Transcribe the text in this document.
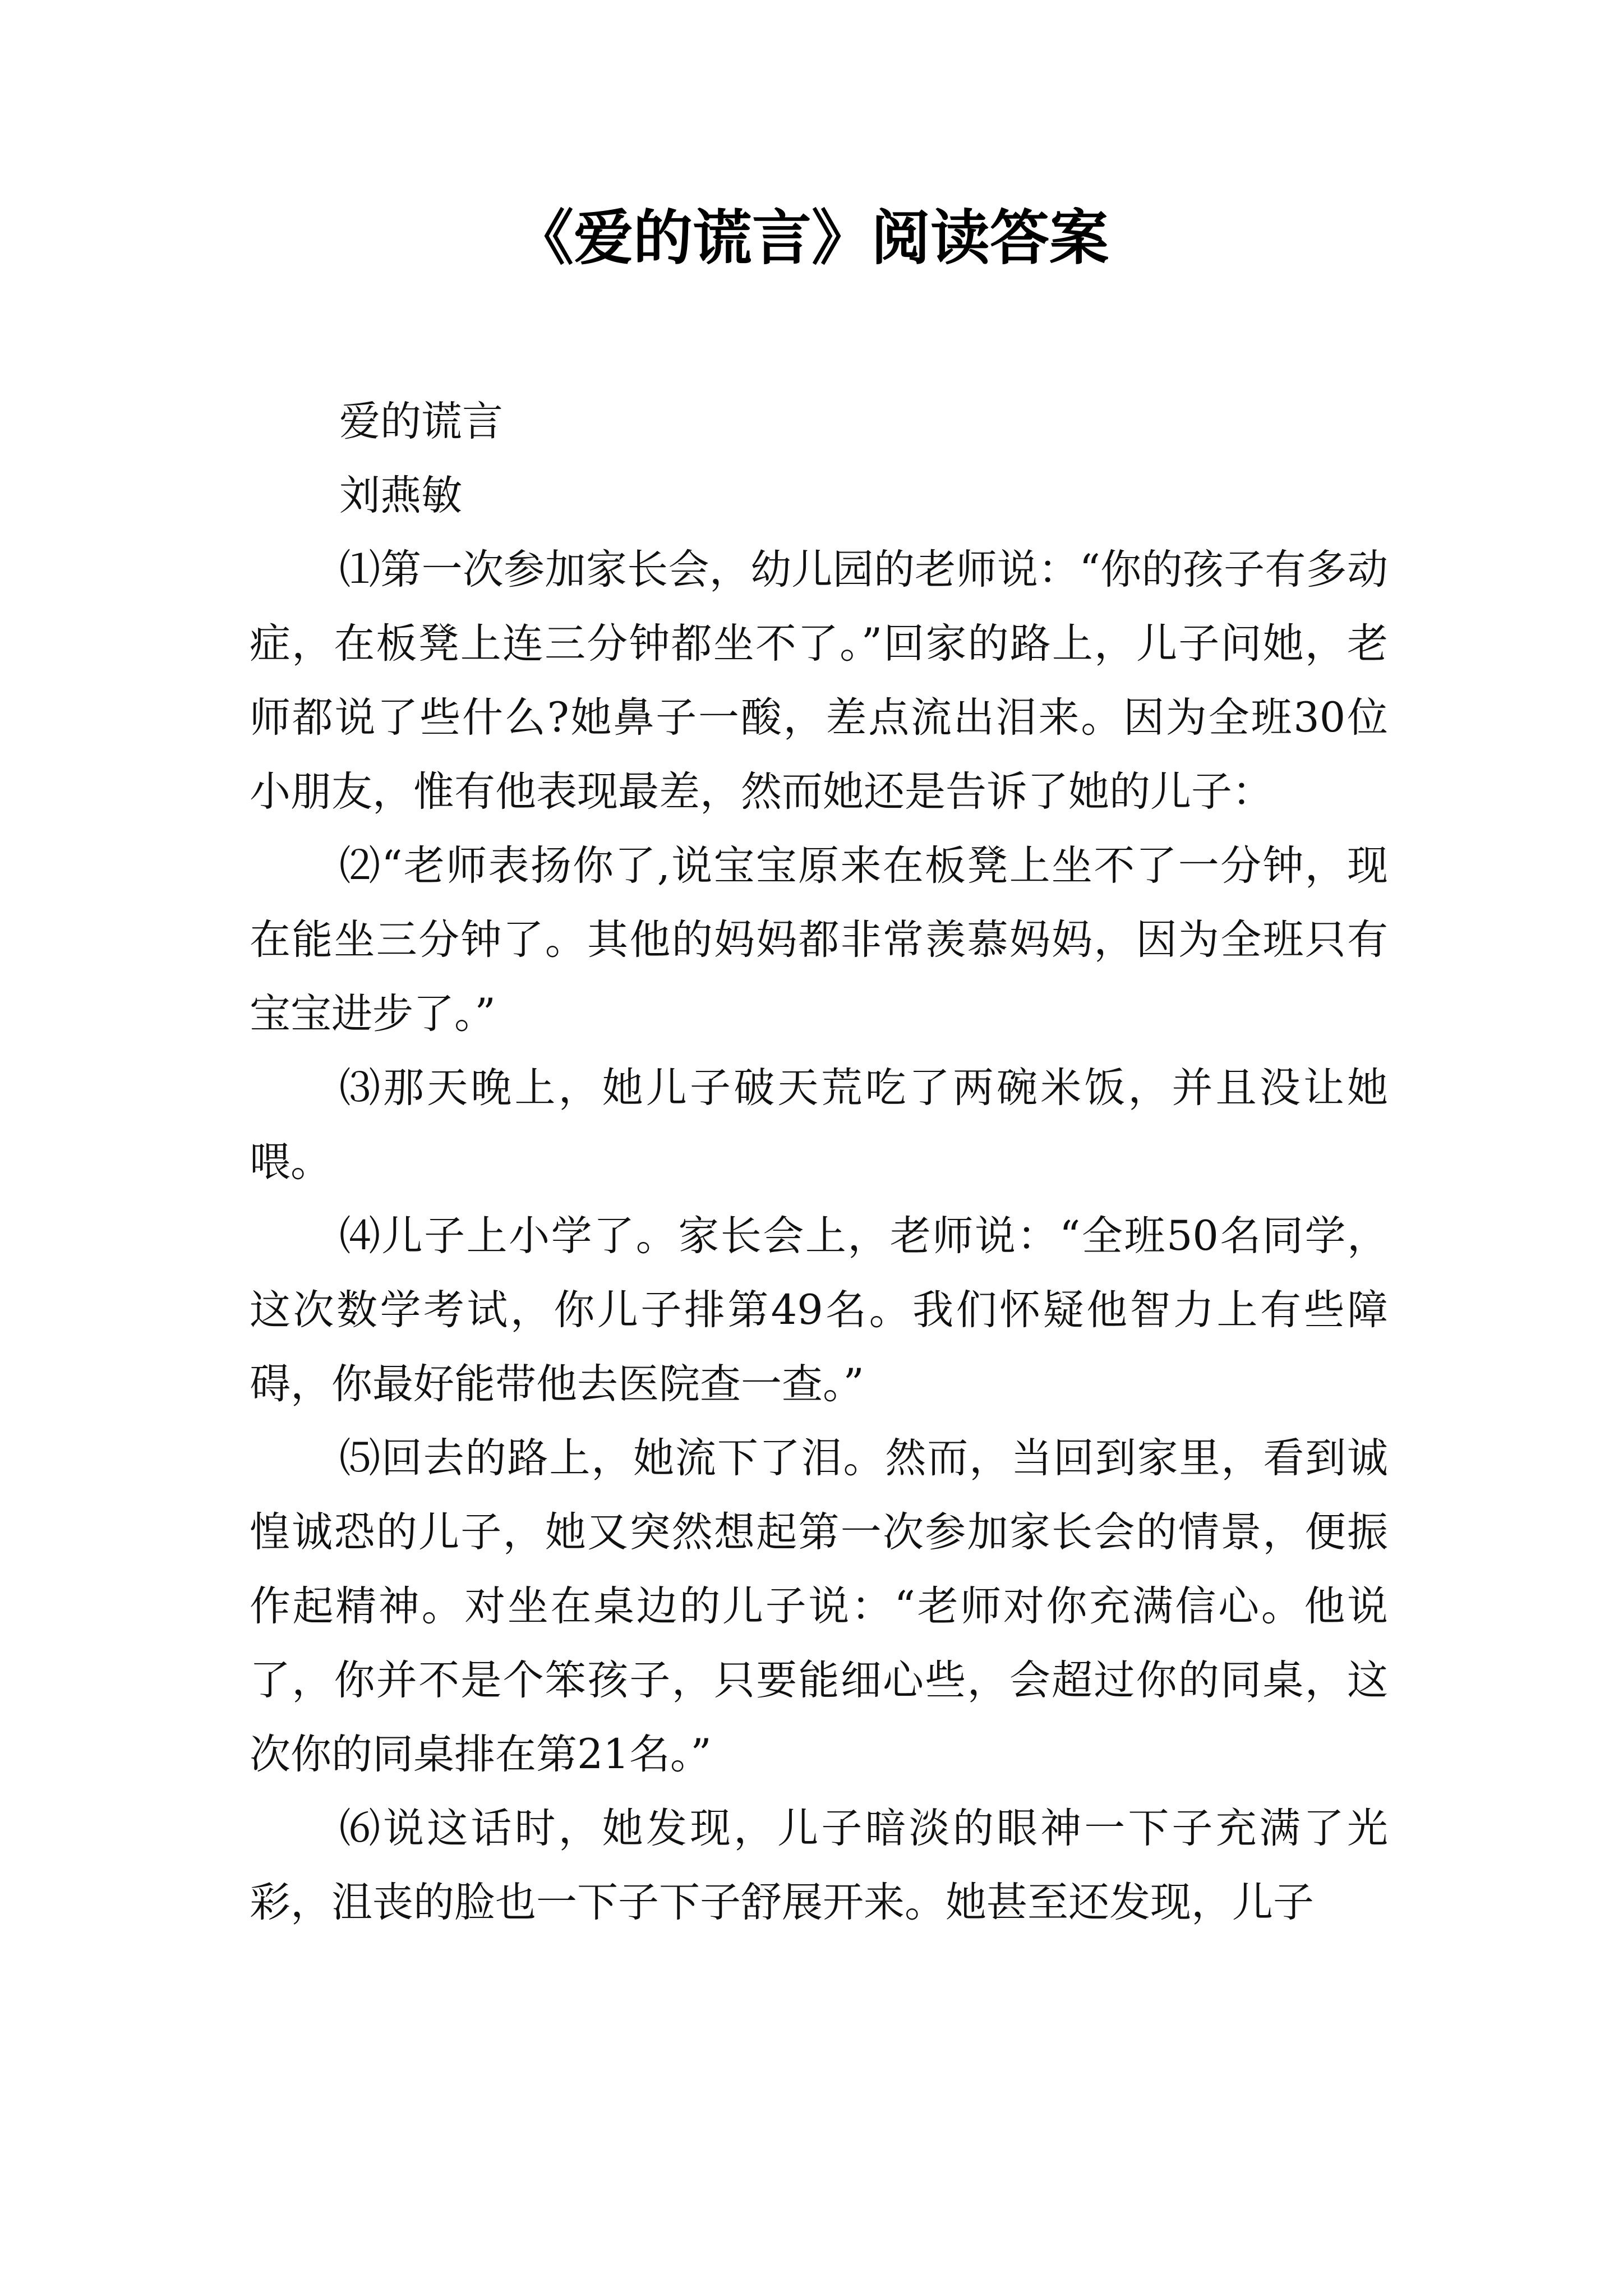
《爱的谎言》阅读答案

爱的谎言

刘燕敏

⑴第一次参加家长会，幼儿园的老师说：“你的孩子有多动症，在板凳上连三分钟都坐不了。”回家的路上，儿子问她，老师都说了些什么?她鼻子一酸，差点流出泪来。因为全班30位小朋友，惟有他表现最差，然而她还是告诉了她的儿子：

⑵“老师表扬你了,说宝宝原来在板凳上坐不了一分钟，现在能坐三分钟了。其他的妈妈都非常羡慕妈妈，因为全班只有宝宝进步了。”

⑶那天晚上，她儿子破天荒吃了两碗米饭，并且没让她喂。

⑷儿子上小学了。家长会上，老师说：“全班50名同学，这次数学考试，你儿子排第49名。我们怀疑他智力上有些障碍，你最好能带他去医院查一查。”

⑸回去的路上，她流下了泪。然而，当回到家里，看到诚惶诚恐的儿子，她又突然想起第一次参加家长会的情景，便振作起精神。对坐在桌边的儿子说：“老师对你充满信心。他说了，你并不是个笨孩子，只要能细心些，会超过你的同桌，这次你的同桌排在第21名。”

⑹说这话时，她发现，儿子暗淡的眼神一下子充满了光彩，沮丧的脸也一下子下子舒展开来。她甚至还发现，儿子
